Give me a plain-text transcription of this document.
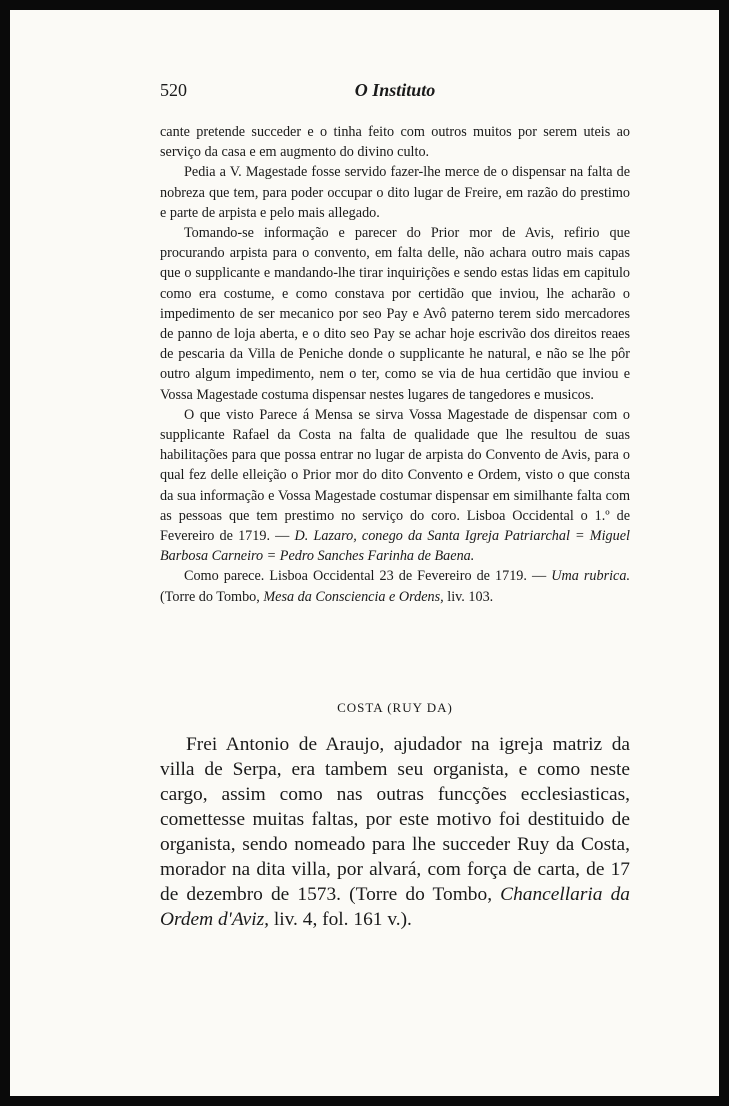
520	O Instituto

cante pretende succeder e o tinha feito com outros muitos por serem uteis ao serviço da casa e em augmento do divino culto.

Pedia a V. Magestade fosse servido fazer-lhe merce de o dispensar na falta de nobreza que tem, para poder occupar o dito lugar de Freire, em razão do prestimo e parte de arpista e pelo mais allegado.

Tomando-se informação e parecer do Prior mor de Avis, refirio que procurando arpista para o convento, em falta delle, não achara outro mais capas que o supplicante e mandando-lhe tirar inquirições e sendo estas lidas em capitulo como era costume, e como constava por certidão que inviou, lhe acharão o impedimento de ser mecanico por seo Pay e Avô paterno terem sido mercadores de panno de loja aberta, e o dito seo Pay se achar hoje escrivão dos direitos reaes de pescaria da Villa de Peniche donde o supplicante he natural, e não se lhe pôr outro algum impedimento, nem o ter, como se via de hua certidão que inviou e Vossa Magestade costuma dispensar nestes lugares de tangedores e musicos.

O que visto Parece á Mensa se sirva Vossa Magestade de dispensar com o supplicante Rafael da Costa na falta de qualidade que lhe resultou de suas habilitações para que possa entrar no lugar de arpista do Convento de Avis, para o qual fez delle elleição o Prior mor do dito Convento e Ordem, visto o que consta da sua informação e Vossa Magestade costumar dispensar em similhante falta com as pessoas que tem prestimo no serviço do coro. Lisboa Occidental o 1.º de Fevereiro de 1719. — D. Lazaro, conego da Santa Igreja Patriarchal = Miguel Barbosa Carneiro = Pedro Sanches Farinha de Baena.

Como parece. Lisboa Occidental 23 de Fevereiro de 1719. — Uma rubrica. (Torre do Tombo, Mesa da Consciencia e Ordens, liv. 103.

COSTA (RUY DA)

Frei Antonio de Araujo, ajudador na igreja matriz da villa de Serpa, era tambem seu organista, e como neste cargo, assim como nas outras funcções ecclesiasticas, comettesse muitas faltas, por este motivo foi destituido de organista, sendo nomeado para lhe succeder Ruy da Costa, morador na dita villa, por alvará, com força de carta, de 17 de dezembro de 1573. (Torre do Tombo, Chancellaria da Ordem d'Aviz, liv. 4, fol. 161 v.).
